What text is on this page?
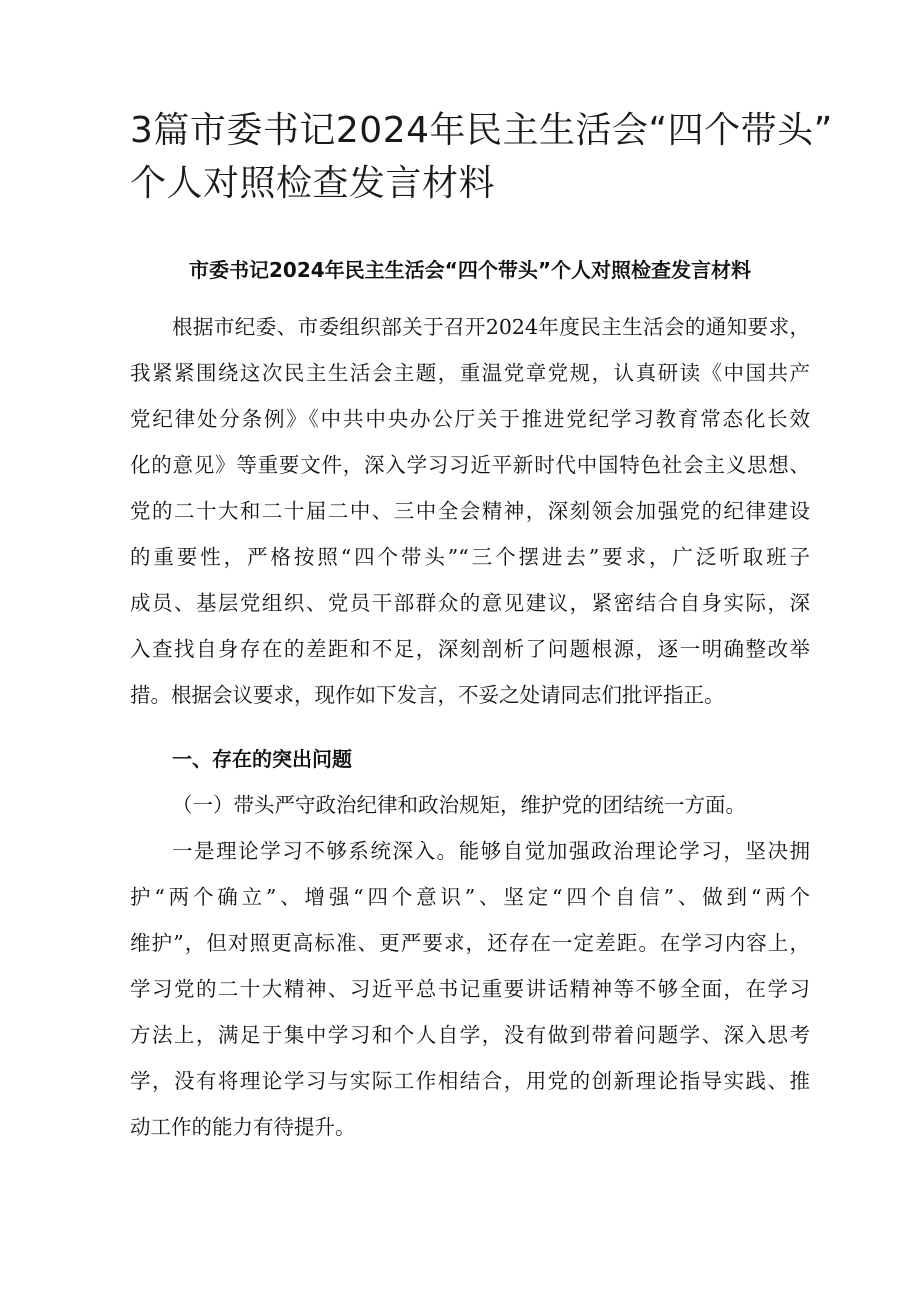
3篇市委书记2024年民主生活会“四个带头”
个人对照检查发言材料
市委书记2024年民主生活会“四个带头”个人对照检查发言材料
根据市纪委、市委组织部关于召开2024年度民主生活会的通知要求，
我紧紧围绕这次民主生活会主题，重温党章党规，认真研读《中国共产
党纪律处分条例》《中共中央办公厅关于推进党纪学习教育常态化长效
化的意见》等重要文件，深入学习习近平新时代中国特色社会主义思想、
党的二十大和二十届二中、三中全会精神，深刻领会加强党的纪律建设
的重要性，严格按照“四个带头”“三个摆进去”要求，广泛听取班子
成员、基层党组织、党员干部群众的意见建议，紧密结合自身实际，深
入查找自身存在的差距和不足，深刻剖析了问题根源，逐一明确整改举
措。根据会议要求，现作如下发言，不妥之处请同志们批评指正。
一、存在的突出问题

（一）带头严守政治纪律和政治规矩，维护党的团结统一方面。

一是理论学习不够系统深入。能够自觉加强政治理论学习，坚决拥
护“两个确立”、增强“四个意识”、坚定“四个自信”、做到“两个
维护”，但对照更高标准、更严要求，还存在一定差距。在学习内容上，
学习党的二十大精神、习近平总书记重要讲话精神等不够全面，在学习
方法上，满足于集中学习和个人自学，没有做到带着问题学、深入思考
学，没有将理论学习与实际工作相结合，用党的创新理论指导实践、推
动工作的能力有待提升。
